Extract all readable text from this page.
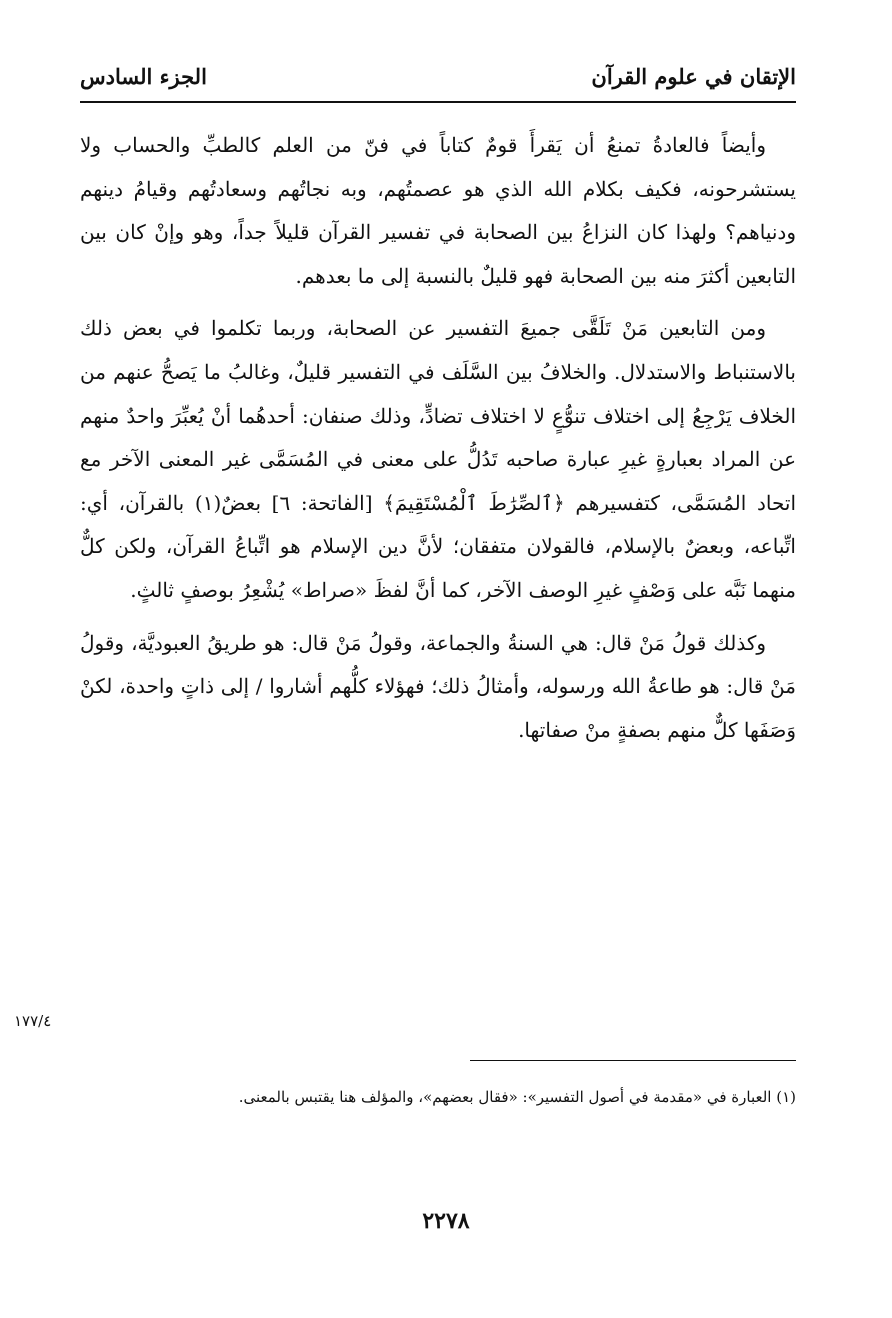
الإتقان في علوم القرآن
الجزء السادس

وأيضاً فالعادةُ تمنعُ أن يَقرأَ قومٌ كتاباً في فنّ من العلم كالطبِّ والحساب ولا يستشرحونه، فكيف بكلام الله الذي هو عصمتُهم، وبه نجاتُهم وسعادتُهم وقيامُ دينهم ودنياهم؟ ولهذا كان النزاعُ بين الصحابة في تفسير القرآن قليلاً جداً، وهو وإنْ كان بين التابعين أكثرَ منه بين الصحابة فهو قليلٌ بالنسبة إلى ما بعدهم.

ومن التابعين مَنْ تَلَقَّى جميعَ التفسير عن الصحابة، وربما تكلموا في بعض ذلك بالاستنباط والاستدلال. والخلافُ بين السَّلَف في التفسير قليلٌ، وغالبُ ما يَصحُّ عنهم من الخلاف يَرْجِعُ إلى اختلاف تنوُّعٍ لا اختلاف تضادٍّ، وذلك صنفان: أحدهُما أنْ يُعبِّرَ واحدٌ منهم عن المراد بعبارةٍ غيرِ عبارة صاحبه تَدُلُّ على معنى في المُسَمَّى غير المعنى الآخر مع اتحاد المُسَمَّى، كتفسيرهم ﴿ٱلصِّرَٰطَ ٱلْمُسْتَقِيمَ﴾ [الفاتحة: ٦] بعضٌ(١) بالقرآن، أي: اتِّباعه، وبعضٌ بالإسلام، فالقولان متفقان؛ لأنَّ دين الإسلام هو اتِّباعُ القرآن، ولكن كلٌّ منهما نَبَّه على وَصْفٍ غيرِ الوصف الآخر، كما أنَّ لفظَ «صراط» يُشْعِرُ بوصفٍ ثالثٍ.

وكذلك قولُ مَنْ قال: هي السنةُ والجماعة، وقولُ مَنْ قال: هو طريقُ العبوديَّة، وقولُ مَنْ قال: هو طاعةُ الله ورسوله، وأمثالُ ذلك؛ فهؤلاء كلُّهم أشاروا / إلى ذاتٍ واحدة، لكنْ وَصَفَها كلٌّ منهم بصفةٍ منْ صفاتها.

١٧٧/٤

(١) العبارة في «مقدمة في أصول التفسير»: «فقال بعضهم»، والمؤلف هنا يقتبس بالمعنى.

٢٢٧٨
